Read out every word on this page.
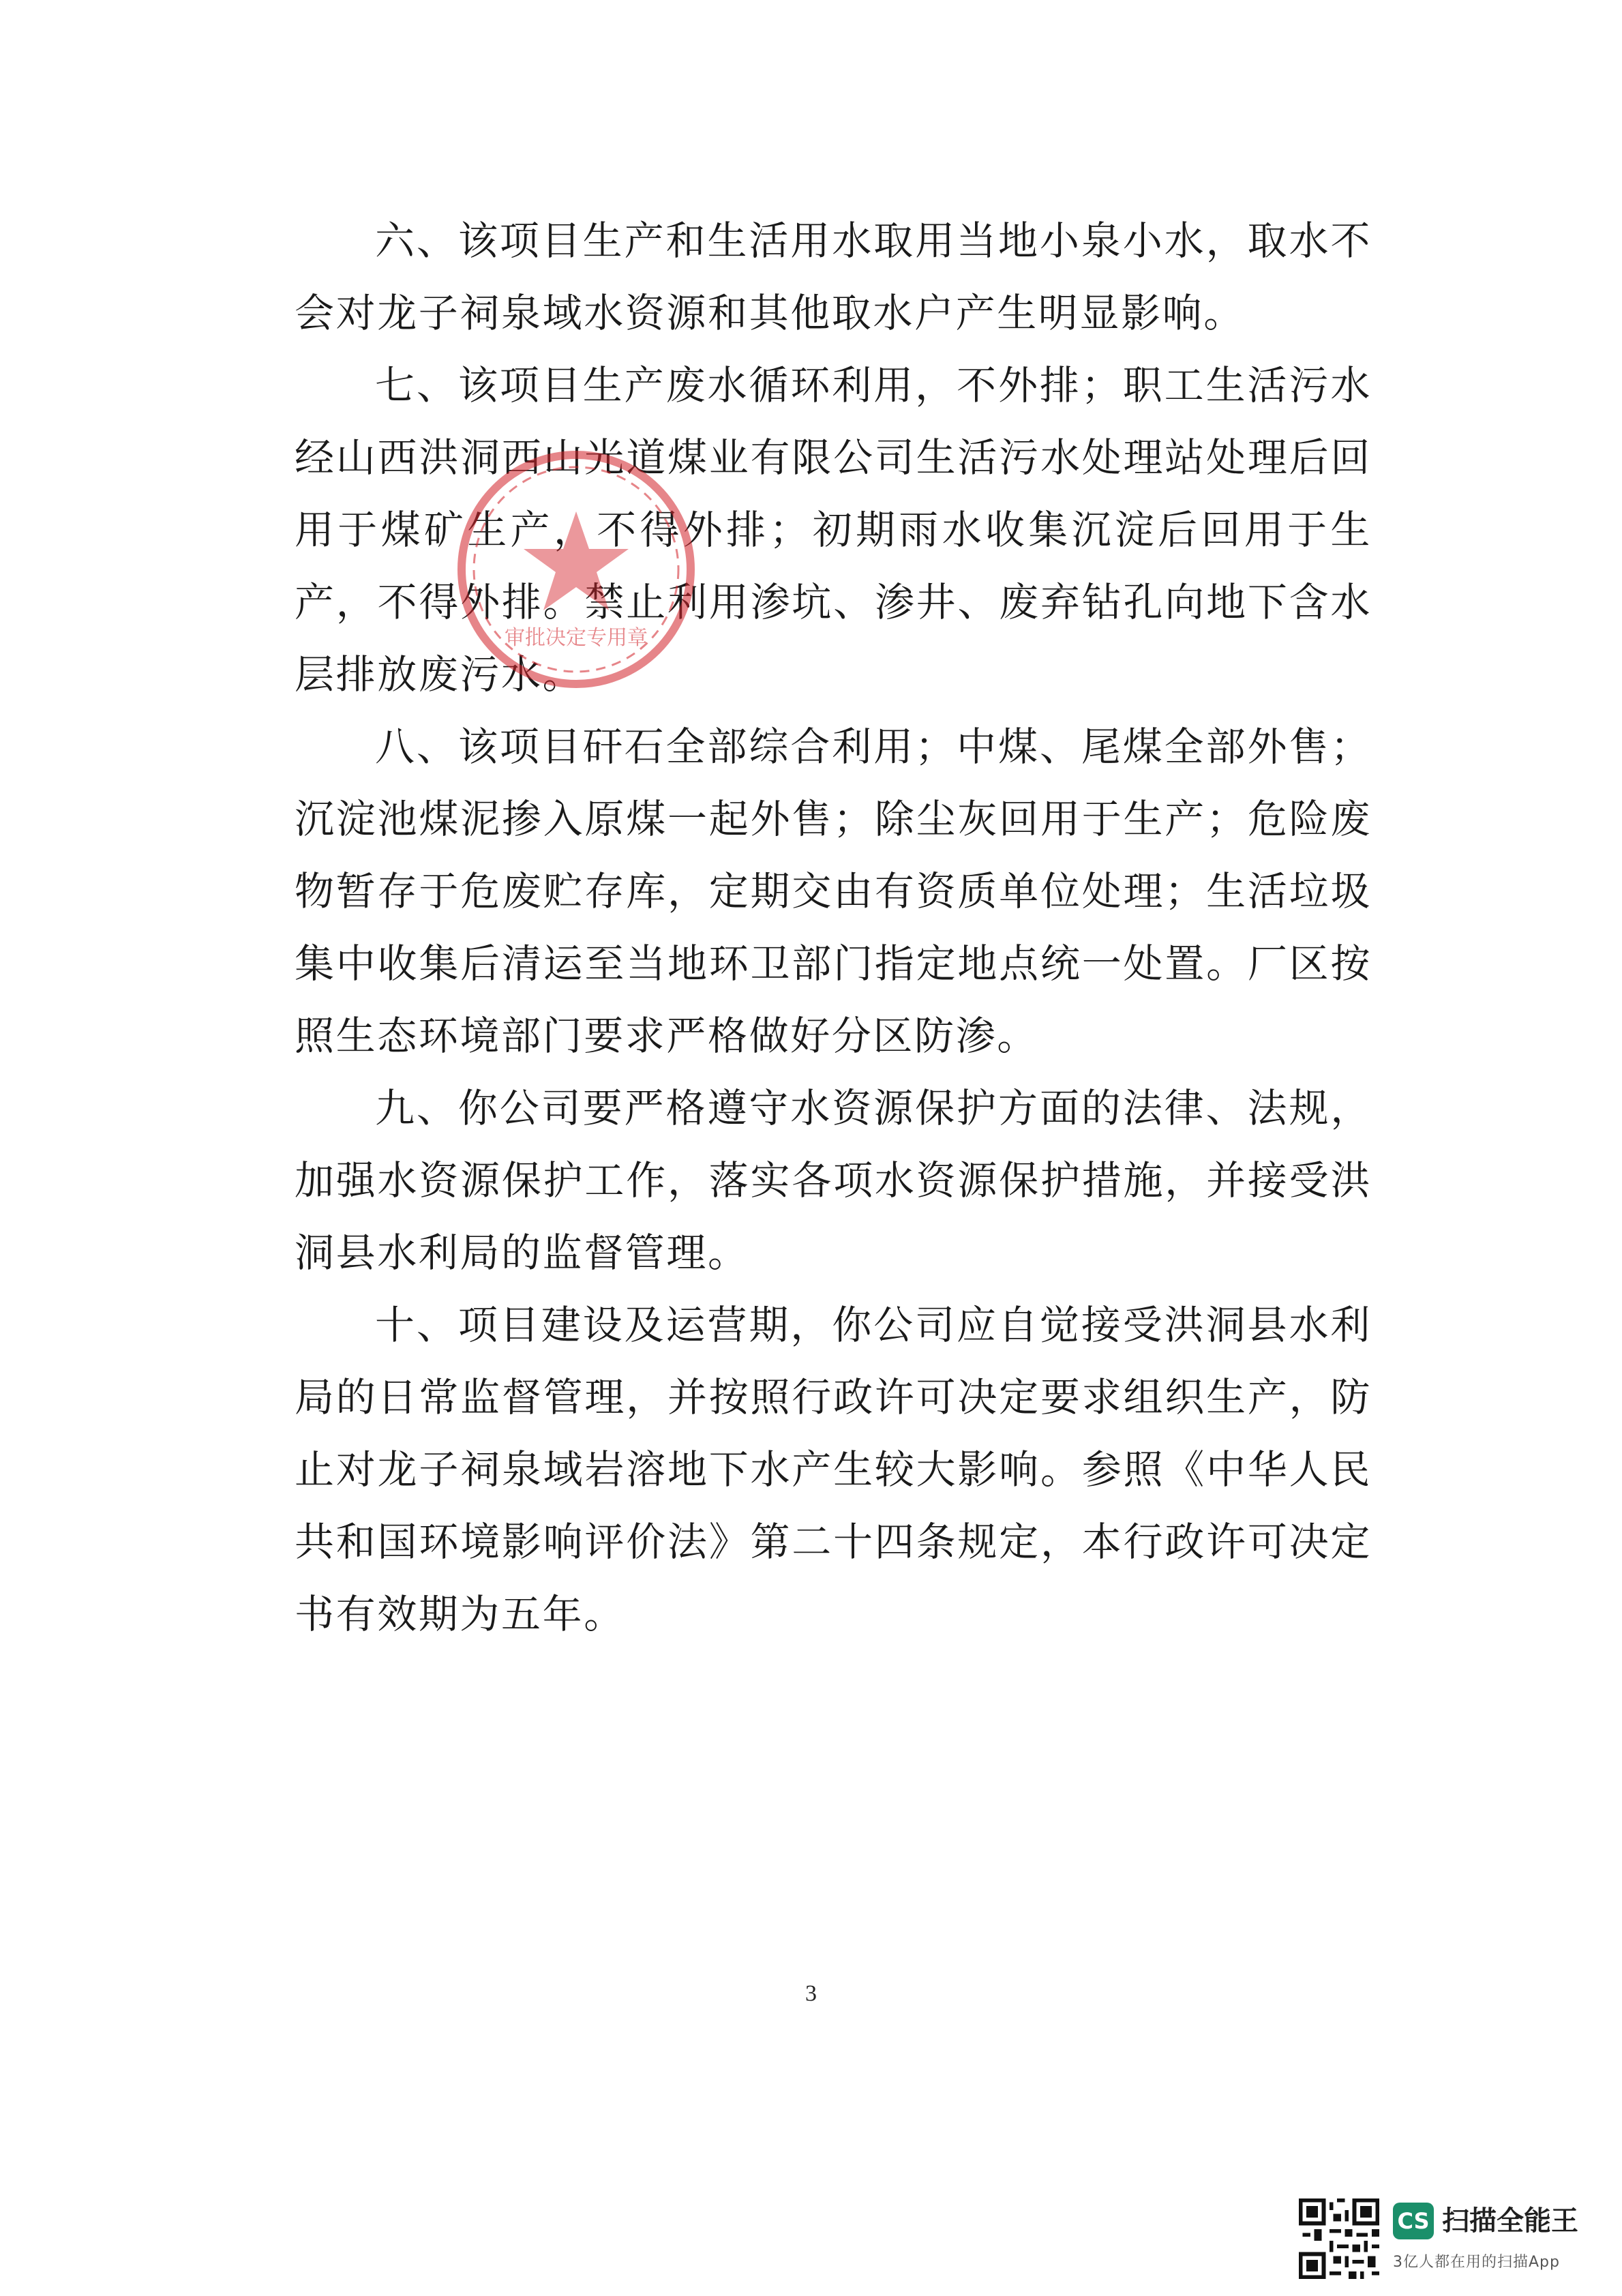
六、该项目生产和生活用水取用当地小泉小水，取水不会对龙子祠泉域水资源和其他取水户产生明显影响。

七、该项目生产废水循环利用，不外排；职工生活污水经山西洪洞西山光道煤业有限公司生活污水处理站处理后回用于煤矿生产，不得外排；初期雨水收集沉淀后回用于生产，不得外排。禁止利用渗坑、渗井、废弃钻孔向地下含水层排放废污水。

八、该项目矸石全部综合利用；中煤、尾煤全部外售；沉淀池煤泥掺入原煤一起外售；除尘灰回用于生产；危险废物暂存于危废贮存库，定期交由有资质单位处理；生活垃圾集中收集后清运至当地环卫部门指定地点统一处置。厂区按照生态环境部门要求严格做好分区防渗。

九、你公司要严格遵守水资源保护方面的法律、法规，加强水资源保护工作，落实各项水资源保护措施，并接受洪洞县水利局的监督管理。

十、项目建设及运营期，你公司应自觉接受洪洞县水利局的日常监督管理，并按照行政许可决定要求组织生产，防止对龙子祠泉域岩溶地下水产生较大影响。参照《中华人民共和国环境影响评价法》第二十四条规定，本行政许可决定书有效期为五年。

审批决定专用章
3
CS 扫描全能王
3亿人都在用的扫描App
